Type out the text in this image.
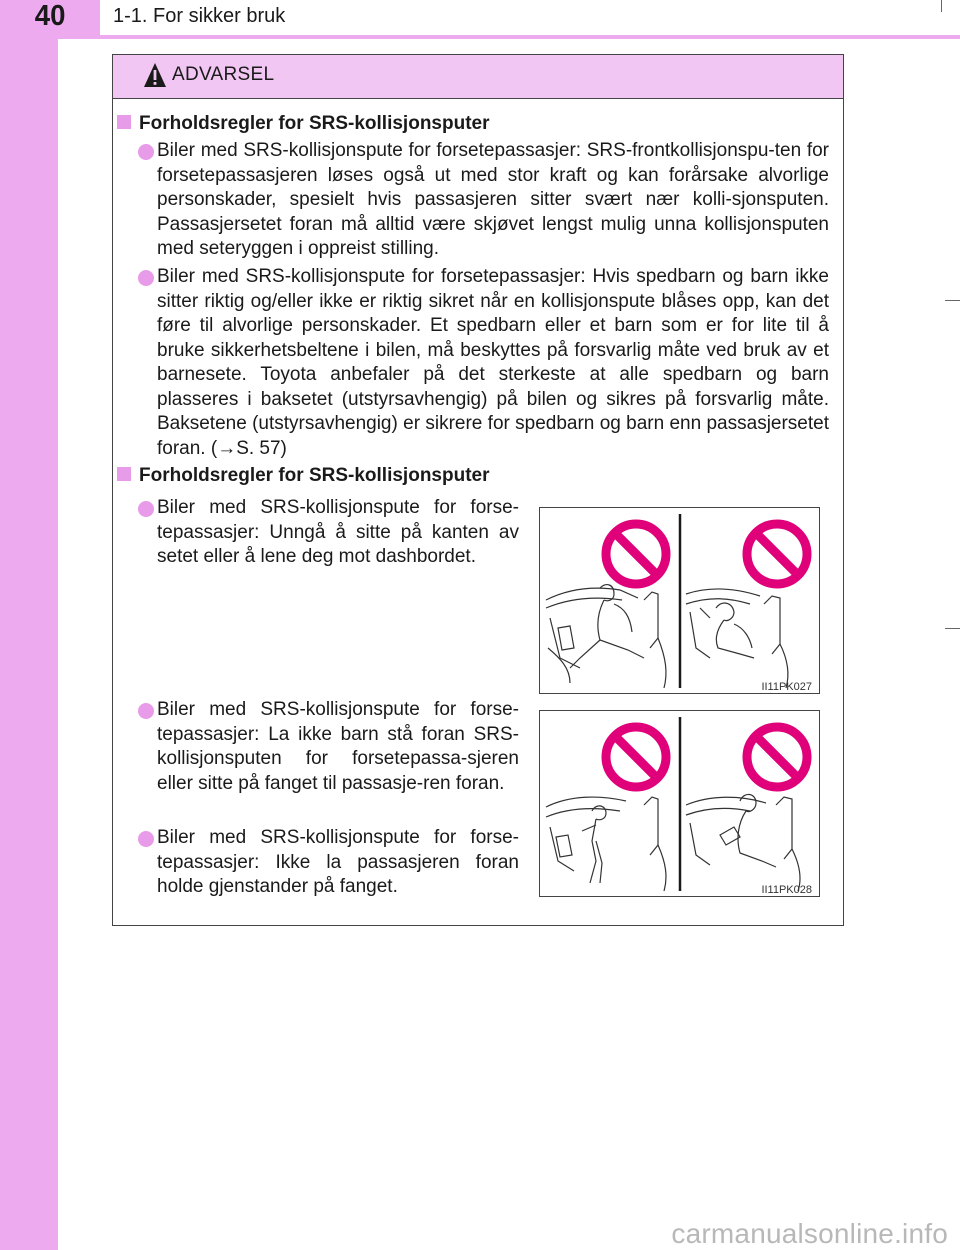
40	1-1. For sikker bruk
ADVARSEL
Forholdsregler for SRS-kollisjonsputer
Biler med SRS-kollisjonspute for forsetepassasjer: SRS-frontkollisjonspu-ten for forsetepassasjeren løses også ut med stor kraft og kan forårsake alvorlige personskader, spesielt hvis passasjeren sitter svært nær kolli-sjonsputen. Passasjersetet foran må alltid være skjøvet lengst mulig unna kollisjonsputen med seteryggen i oppreist stilling.
Biler med SRS-kollisjonspute for forsetepassasjer: Hvis spedbarn og barn ikke sitter riktig og/eller ikke er riktig sikret når en kollisjonspute blåses opp, kan det føre til alvorlige personskader. Et spedbarn eller et barn som er for lite til å bruke sikkerhetsbeltene i bilen, må beskyttes på forsvarlig måte ved bruk av et barnesete. Toyota anbefaler på det sterkeste at alle spedbarn og barn plasseres i baksetet (utstyrsavhengig) på bilen og sikres på forsvarlig måte. Baksetene (utstyrsavhengig) er sikrere for spedbarn og barn enn passasjersetet foran. (→S. 57)
Forholdsregler for SRS-kollisjonsputer
Biler med SRS-kollisjonspute for forse-tepassasjer: Unngå å sitte på kanten av setet eller å lene deg mot dashbordet.
Biler med SRS-kollisjonspute for forse-tepassasjer: La ikke barn stå foran SRS-kollisjonsputen for forsetepassa-sjeren eller sitte på fanget til passasje-ren foran.
Biler med SRS-kollisjonspute for forse-tepassasjer: Ikke la passasjeren foran holde gjenstander på fanget.
II11PK027
II11PK028
carmanualsonline.info
